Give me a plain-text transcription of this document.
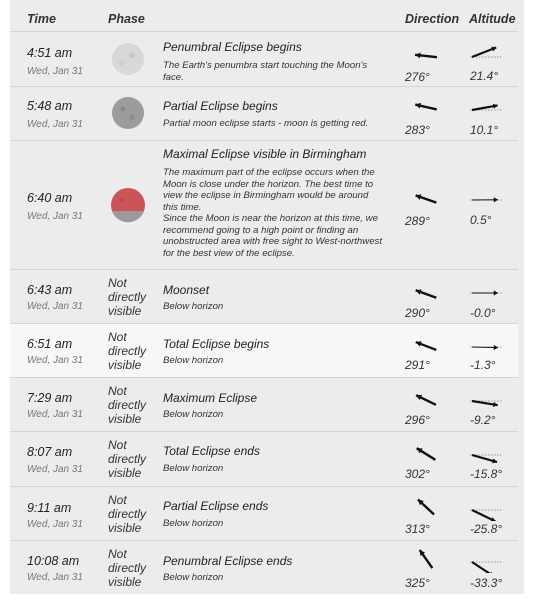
Time	Phase	Direction Altitude
4:51 am
Wed, Jan 31
Penumbral Eclipse begins
The Earth's penumbra start touching the Moon's face.	276°	21.4°
5:48 am
Wed, Jan 31
Partial Eclipse begins
Partial moon eclipse starts - moon is getting red.	283°	10.1°
6:40 am
Wed, Jan 31
Maximal Eclipse visible in Birmingham
The maximum part of the eclipse occurs when the Moon is close under the horizon. The best time to view the eclipse in Birmingham would be around this time.
Since the Moon is near the horizon at this time, we recommend going to a high point or finding an unobstructed area with free sight to West-northwest for the best view of the eclipse.
289°	0.5°
6:43 am
Wed, Jan 31
Not directly visible
Moonset
Below horizon	290°	-0.0°
6:51 am
Wed, Jan 31
Not directly visible
Total Eclipse begins
Below horizon	291°	-1.3°
7:29 am
Wed, Jan 31
Not directly visible
Maximum Eclipse
Below horizon	296°	-9.2°
8:07 am
Wed, Jan 31
Not directly visible
Total Eclipse ends
Below horizon	302°	-15.8°
9:11 am
Wed, Jan 31
Not directly visible
Partial Eclipse ends
Below horizon	313°	-25.8°
10:08 am
Wed, Jan 31
Not directly visible
Penumbral Eclipse ends
Below horizon	325°	-33.3°
